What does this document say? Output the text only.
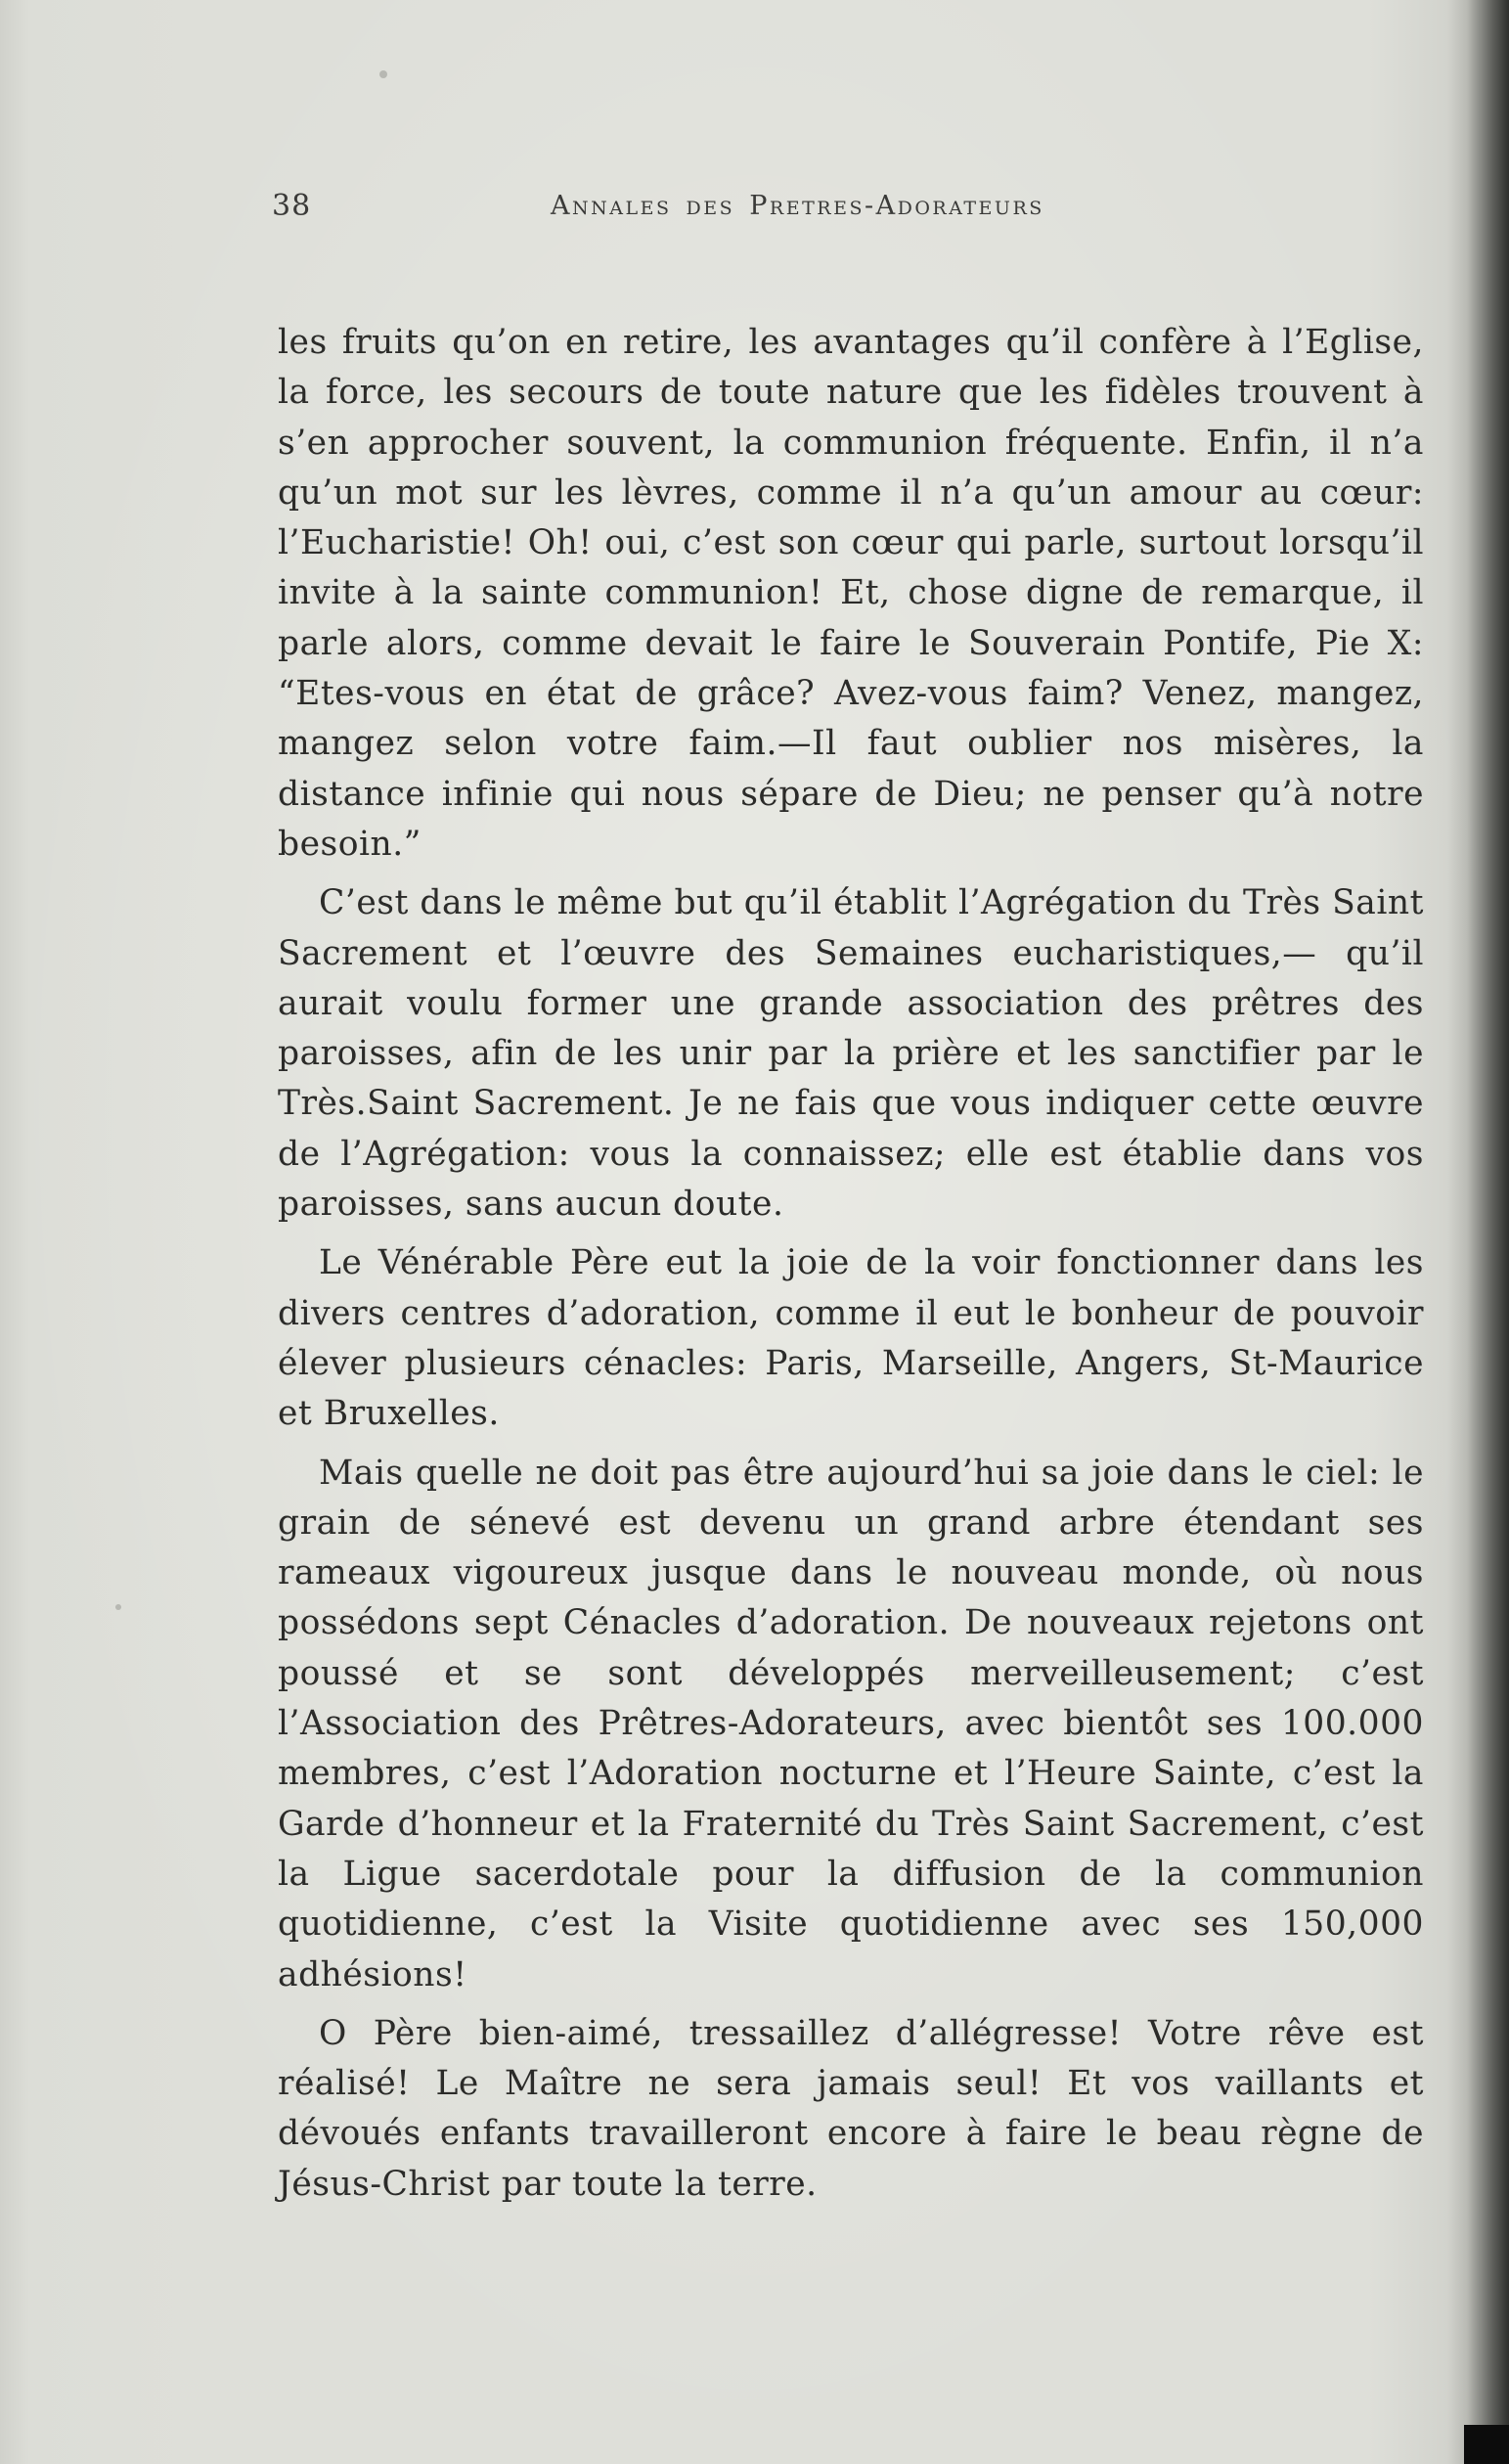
38	Annales des Pretres-Adorateurs

les fruits qu’on en retire, les avantages qu’il confère à l’Eglise, la force, les secours de toute nature que les fidèles trouvent à s’en approcher souvent, la communion fréquente. Enfin, il n’a qu’un mot sur les lèvres, comme il n’a qu’un amour au cœur: l’Eucharistie! Oh! oui, c’est son cœur qui parle, surtout lorsqu’il invite à la sainte communion! Et, chose digne de remarque, il parle alors, comme devait le faire le Souverain Pontife, Pie X: “Etes-vous en état de grâce? Avez-vous faim? Venez, mangez, mangez selon votre faim.—Il faut oublier nos misères, la distance infinie qui nous sépare de Dieu; ne penser qu’à notre besoin.”

C’est dans le même but qu’il établit l’Agrégation du Très Saint Sacrement et l’œuvre des Semaines eucharistiques,— qu’il aurait voulu former une grande association des prêtres des paroisses, afin de les unir par la prière et les sanctifier par le Très.Saint Sacrement. Je ne fais que vous indiquer cette œuvre de l’Agrégation: vous la connaissez; elle est établie dans vos paroisses, sans aucun doute.

Le Vénérable Père eut la joie de la voir fonctionner dans les divers centres d’adoration, comme il eut le bonheur de pouvoir élever plusieurs cénacles: Paris, Marseille, Angers, St-Maurice et Bruxelles.

Mais quelle ne doit pas être aujourd’hui sa joie dans le ciel: le grain de sénevé est devenu un grand arbre étendant ses rameaux vigoureux jusque dans le nouveau monde, où nous possédons sept Cénacles d’adoration. De nouveaux rejetons ont poussé et se sont développés merveilleusement; c’est l’Association des Prêtres-Adorateurs, avec bientôt ses 100.000 membres, c’est l’Adoration nocturne et l’Heure Sainte, c’est la Garde d’honneur et la Fraternité du Très Saint Sacrement, c’est la Ligue sacerdotale pour la diffusion de la communion quotidienne, c’est la Visite quotidienne avec ses 150,000 adhésions!

O Père bien-aimé, tressaillez d’allégresse! Votre rêve est réalisé! Le Maître ne sera jamais seul! Et vos vaillants et dévoués enfants travailleront encore à faire le beau règne de Jésus-Christ par toute la terre.
